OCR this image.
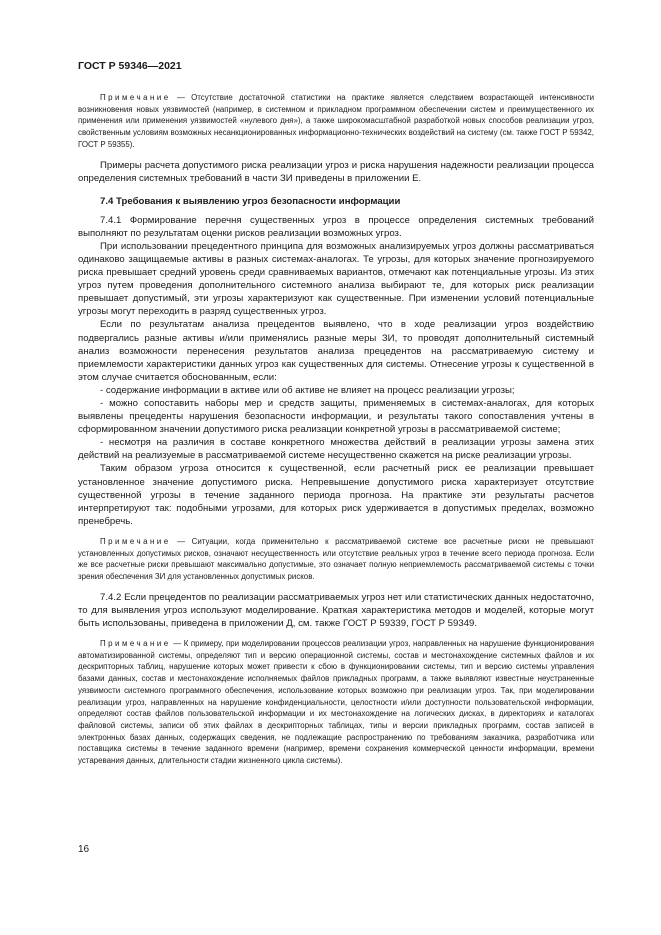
ГОСТ Р 59346—2021

Примечание — Отсутствие достаточной статистики на практике является следствием возрастающей интенсивности возникновения новых уязвимостей (например, в системном и прикладном программном обеспечении систем и преимущественного их применения или применения уязвимостей «нулевого дня»), а также широкомасштабной разработкой новых способов реализации угроз, свойственным условиям возможных несанкционированных информационно-технических воздействий на систему (см. также ГОСТ Р 59342, ГОСТ Р 59355).

Примеры расчета допустимого риска реализации угроз и риска нарушения надежности реализации процесса определения системных требований в части ЗИ приведены в приложении Е.

7.4 Требования к выявлению угроз безопасности информации

7.4.1 Формирование перечня существенных угроз в процессе определения системных требований выполняют по результатам оценки рисков реализации возможных угроз.

При использовании прецедентного принципа для возможных анализируемых угроз должны рассматриваться одинаково защищаемые активы в разных системах-аналогах. Те угрозы, для которых значение прогнозируемого риска превышает средний уровень среди сравниваемых вариантов, отмечают как потенциальные угрозы. Из этих угроз путем проведения дополнительного системного анализа выбирают те, для которых риск реализации превышает допустимый, эти угрозы характеризуют как существенные. При изменении условий потенциальные угрозы могут переходить в разряд существенных угроз.

Если по результатам анализа прецедентов выявлено, что в ходе реализации угроз воздействию подвергались разные активы и/или применялись разные меры ЗИ, то проводят дополнительный системный анализ возможности перенесения результатов анализа прецедентов на рассматриваемую систему и приемлемости характеристики данных угроз как существенных для системы. Отнесение угрозы к существенной в этом случае считается обоснованным, если:

- содержание информации в активе или об активе не влияет на процесс реализации угрозы;

- можно сопоставить наборы мер и средств защиты, применяемых в системах-аналогах, для которых выявлены прецеденты нарушения безопасности информации, и результаты такого сопоставления учтены в сформированном значении допустимого риска реализации конкретной угрозы в рассматриваемой системе;

- несмотря на различия в составе конкретного множества действий в реализации угрозы замена этих действий на реализуемые в рассматриваемой системе несущественно скажется на риске реализации угрозы.

Таким образом угроза относится к существенной, если расчетный риск ее реализации превышает установленное значение допустимого риска. Непревышение допустимого риска характеризует отсутствие существенной угрозы в течение заданного периода прогноза. На практике эти результаты расчетов интерпретируют так: подобными угрозами, для которых риск удерживается в допустимых пределах, возможно пренебречь.

Примечание — Ситуации, когда применительно к рассматриваемой системе все расчетные риски не превышают установленных допустимых рисков, означают несущественность или отсутствие реальных угроз в течение всего периода прогноза. Если же все расчетные риски превышают максимально допустимые, это означает полную неприемлемость рассматриваемой системы с точки зрения обеспечения ЗИ для установленных допустимых рисков.

7.4.2 Если прецедентов по реализации рассматриваемых угроз нет или статистических данных недостаточно, то для выявления угроз используют моделирование. Краткая характеристика методов и моделей, которые могут быть использованы, приведена в приложении Д, см. также ГОСТ Р 59339, ГОСТ Р 59349.

Примечание — К примеру, при моделировании процессов реализации угроз, направленных на нарушение функционирования автоматизированной системы, определяют тип и версию операционной системы, состав и местонахождение системных файлов и их дескрипторных таблиц, нарушение которых может привести к сбою в функционировании системы, тип и версию системы управления базами данных, состав и местонахождение исполняемых файлов прикладных программ, а также выявляют известные неустраненные уязвимости системного программного обеспечения, использование которых возможно при реализации угроз. Так, при моделировании реализации угроз, направленных на нарушение конфиденциальности, целостности и/или доступности пользовательской информации, определяют состав файлов пользовательской информации и их местонахождение на логических дисках, в директориях и каталогах файловой системы, записи об этих файлах в дескрипторных таблицах, типы и версии прикладных программ, состав записей в электронных базах данных, содержащих сведения, не подлежащие распространению по требованиям заказчика, разработчика или поставщика системы в течение заданного времени (например, времени сохранения коммерческой ценности информации, времени устаревания данных, длительности стадии жизненного цикла системы).

16
